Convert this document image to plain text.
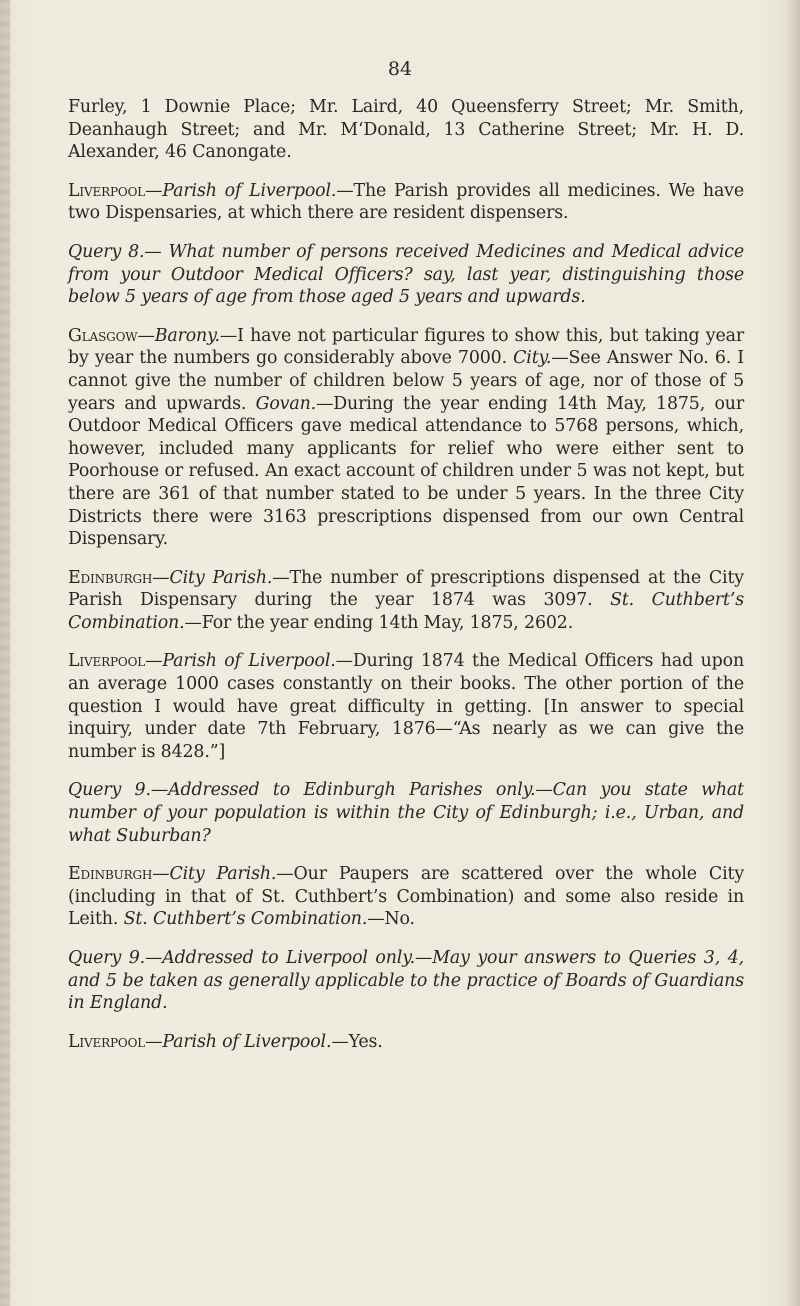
84

Furley, 1 Downie Place; Mr. Laird, 40 Queensferry Street; Mr. Smith, Deanhaugh Street; and Mr. M‘Donald, 13 Catherine Street; Mr. H. D. Alexander, 46 Canongate.

Liverpool—Parish of Liverpool.—The Parish provides all medicines. We have two Dispensaries, at which there are resident dispensers.

Query 8.— What number of persons received Medicines and Medical advice from your Outdoor Medical Officers? say, last year, distinguishing those below 5 years of age from those aged 5 years and upwards.

Glasgow—Barony.—I have not particular figures to show this, but taking year by year the numbers go considerably above 7000. City.—See Answer No. 6. I cannot give the number of children below 5 years of age, nor of those of 5 years and upwards. Govan.—During the year ending 14th May, 1875, our Outdoor Medical Officers gave medical attendance to 5768 persons, which, however, included many applicants for relief who were either sent to Poorhouse or refused. An exact account of children under 5 was not kept, but there are 361 of that number stated to be under 5 years. In the three City Districts there were 3163 prescriptions dispensed from our own Central Dispensary.

Edinburgh—City Parish.—The number of prescriptions dispensed at the City Parish Dispensary during the year 1874 was 3097. St. Cuthbert’s Combination.—For the year ending 14th May, 1875, 2602.

Liverpool—Parish of Liverpool.—During 1874 the Medical Officers had upon an average 1000 cases constantly on their books. The other portion of the question I would have great difficulty in getting. [In answer to special inquiry, under date 7th February, 1876—“As nearly as we can give the number is 8428.”]

Query 9.—Addressed to Edinburgh Parishes only.—Can you state what number of your population is within the City of Edinburgh; i.e., Urban, and what Suburban?

Edinburgh—City Parish.—Our Paupers are scattered over the whole City (including in that of St. Cuthbert’s Combination) and some also reside in Leith. St. Cuthbert’s Combination.—No.

Query 9.—Addressed to Liverpool only.—May your answers to Queries 3, 4, and 5 be taken as generally applicable to the practice of Boards of Guardians in England.

Liverpool—Parish of Liverpool.—Yes.
